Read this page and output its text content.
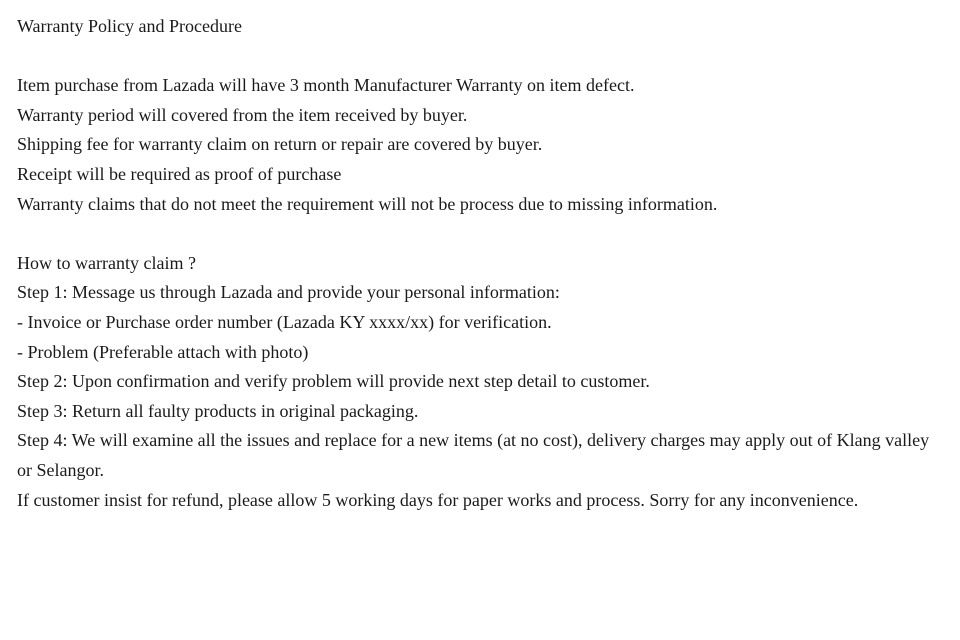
Warranty Policy and Procedure

Item purchase from Lazada will have 3 month Manufacturer Warranty on item defect.

Warranty period will covered from the item received by buyer.

Shipping fee for warranty claim on return or repair are covered by buyer.

Receipt will be required as proof of purchase

Warranty claims that do not meet the requirement will not be process due to missing information.

How to warranty claim ?

Step 1: Message us through Lazada and provide your personal information:

- Invoice or Purchase order number (Lazada KY xxxx/xx) for verification.

- Problem (Preferable attach with photo)

Step 2: Upon confirmation and verify problem will provide next step detail to customer.

Step 3: Return all faulty products in original packaging.

Step 4: We will examine all the issues and replace for a new items (at no cost), delivery charges may apply out of Klang valley or Selangor.

If customer insist for refund, please allow 5 working days for paper works and process. Sorry for any inconvenience.
